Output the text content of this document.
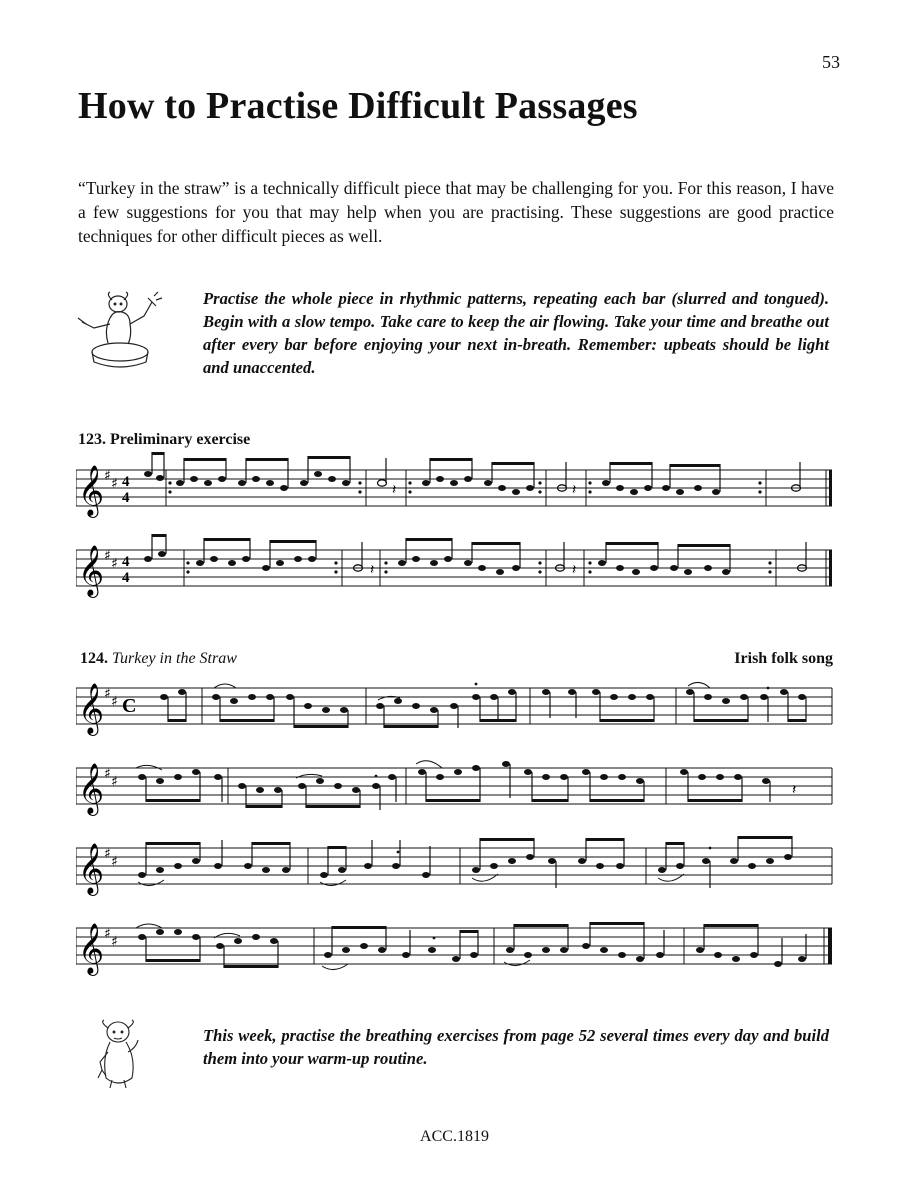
53
How to Practise Difficult Passages

“Turkey in the straw” is a technically difficult piece that may be challenging for you. For this reason, I have a few suggestions for you that may help when you are practising. These suggestions are good practice techniques for other difficult pieces as well.

Practise the whole piece in rhythmic patterns, repeating each bar (slurred and tongued). Begin with a slow tempo. Take care to keep the air flowing. Take your time and breathe out after every bar before enjoying your next in-breath. Remember: upbeats should be light and unaccented.

123. Preliminary exercise
𝄞 ♯ ♯ 4
4	𝄽	𝄽
𝄞 ♯ ♯ 4
4	𝄽	𝄽
124. Turkey in the Straw	Irish folk song
𝄞 ♯ ♯ C
𝄞 ♯ ♯	𝄽
𝄞 ♯ ♯
𝄞 ♯ ♯

This week, practise the breathing exercises from page 52 several times every day and build them into your warm-up routine.

ACC.1819
